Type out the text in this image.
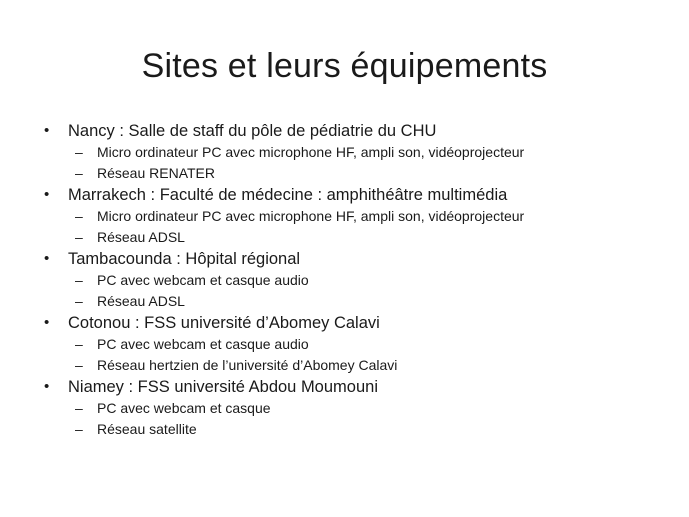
Sites et leurs équipements
• Nancy : Salle de staff du pôle de pédiatrie du CHU
– Micro ordinateur PC avec microphone HF, ampli son, vidéoprojecteur
– Réseau RENATER
• Marrakech : Faculté de médecine : amphithéâtre multimédia
– Micro ordinateur PC avec microphone HF, ampli son, vidéoprojecteur
– Réseau ADSL
• Tambacounda : Hôpital régional
– PC avec webcam et casque audio
– Réseau ADSL
• Cotonou : FSS université d’Abomey Calavi
– PC avec webcam et casque audio
– Réseau hertzien de l’université d’Abomey Calavi
• Niamey : FSS université Abdou Moumouni
– PC avec webcam et casque
– Réseau satellite
